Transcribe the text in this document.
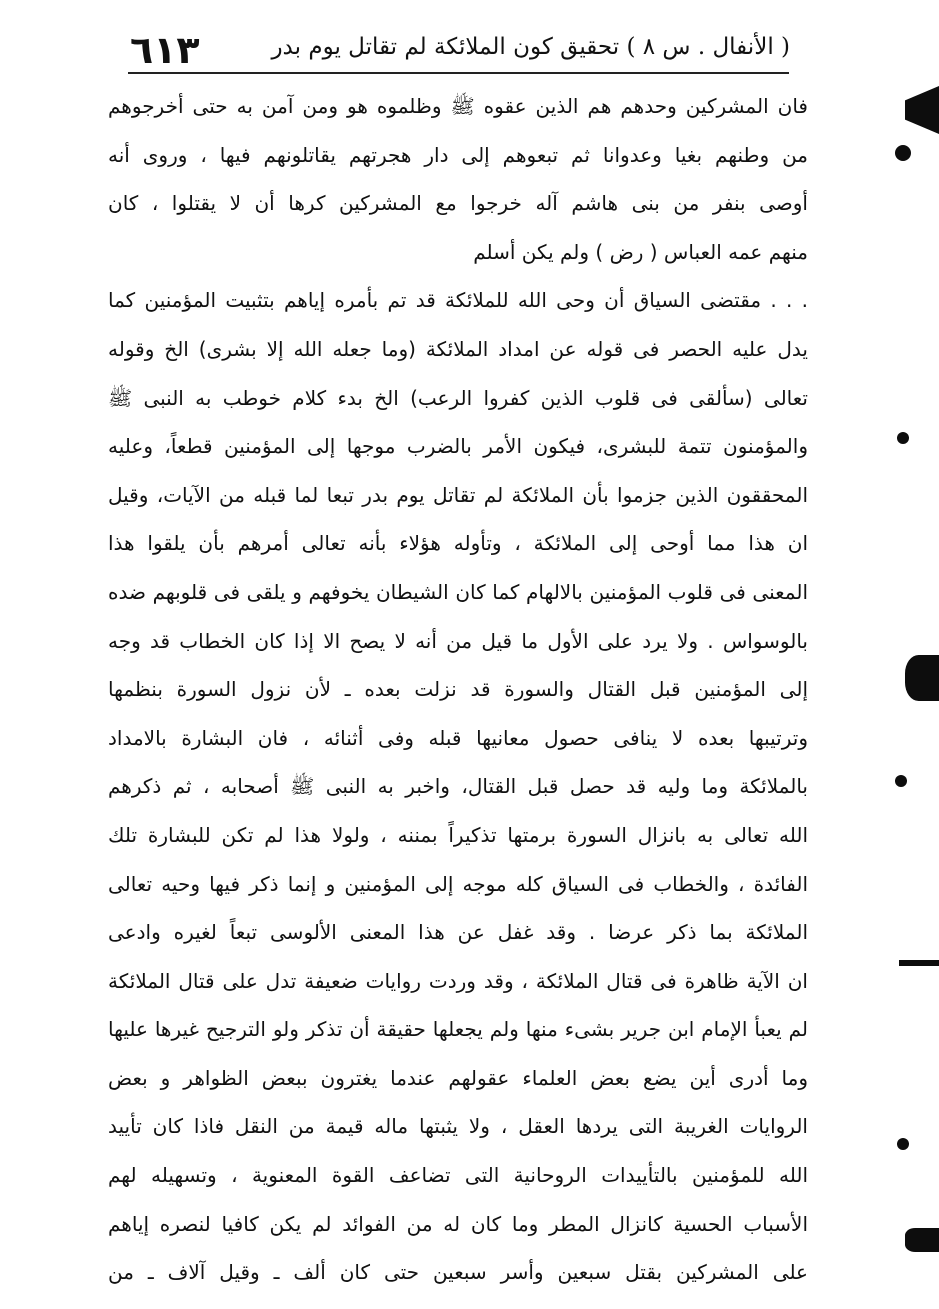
( الأنفال . س ٨ ) تحقيق كون الملائكة لم تقاتل يوم بدر
٦١٣
فان المشركين وحدهم هم الذين عقوه ﷺ وظلموه هو ومن آمن به حتى أخرجوهم
من وطنهم بغيا وعدوانا ثم تبعوهم إلى دار هجرتهم يقاتلونهم فيها ، وروى أنه
أوصى بنفر من بنى هاشم آله خرجوا مع المشركين كرها أن لا يقتلوا ، كان
منهم عمه العباس ( رض ) ولم يكن أسلم
. . . مقتضى السياق أن وحى الله للملائكة قد تم بأمره إياهم بتثبيت المؤمنين كما
يدل عليه الحصر فى قوله عن امداد الملائكة (وما جعله الله إلا بشرى) الخ وقوله
تعالى (سألقى فى قلوب الذين كفروا الرعب) الخ بدء كلام خوطب به النبى ﷺ
والمؤمنون تتمة للبشرى، فيكون الأمر بالضرب موجها إلى المؤمنين قطعاً، وعليه
المحققون الذين جزموا بأن الملائكة لم تقاتل يوم بدر تبعا لما قبله من الآيات، وقيل
ان هذا مما أوحى إلى الملائكة ، وتأوله هؤلاء بأنه تعالى أمرهم بأن يلقوا هذا
المعنى فى قلوب المؤمنين بالالهام كما كان الشيطان يخوفهم و يلقى فى قلوبهم ضده
بالوسواس . ولا يرد على الأول ما قيل من أنه لا يصح الا إذا كان الخطاب قد وجه
إلى المؤمنين قبل القتال والسورة قد نزلت بعده ـ لأن نزول السورة بنظمها
وترتيبها بعده لا ينافى حصول معانيها قبله وفى أثنائه ، فان البشارة بالامداد
بالملائكة وما وليه قد حصل قبل القتال، واخبر به النبى ﷺ أصحابه ، ثم ذكرهم
الله تعالى به بانزال السورة برمتها تذكيراً بمننه ، ولولا هذا لم تكن للبشارة تلك
الفائدة ، والخطاب فى السياق كله موجه إلى المؤمنين و إنما ذكر فيها وحيه تعالى
الملائكة بما ذكر عرضا . وقد غفل عن هذا المعنى الألوسى تبعاً لغيره وادعى
ان الآية ظاهرة فى قتال الملائكة ، وقد وردت روايات ضعيفة تدل على قتال الملائكة
لم يعبأ الإمام ابن جرير بشىء منها ولم يجعلها حقيقة أن تذكر ولو الترجيح غيرها عليها
وما أدرى أين يضع بعض العلماء عقولهم عندما يغترون ببعض الظواهر و بعض
الروايات الغريبة التى يردها العقل ، ولا يثبتها ماله قيمة من النقل فاذا كان تأييد
الله للمؤمنين بالتأييدات الروحانية التى تضاعف القوة المعنوية ، وتسهيله لهم
الأسباب الحسية كانزال المطر وما كان له من الفوائد لم يكن كافيا لنصره إياهم
على المشركين بقتل سبعين وأسر سبعين حتى كان ألف ـ وقيل آلاف ـ من
